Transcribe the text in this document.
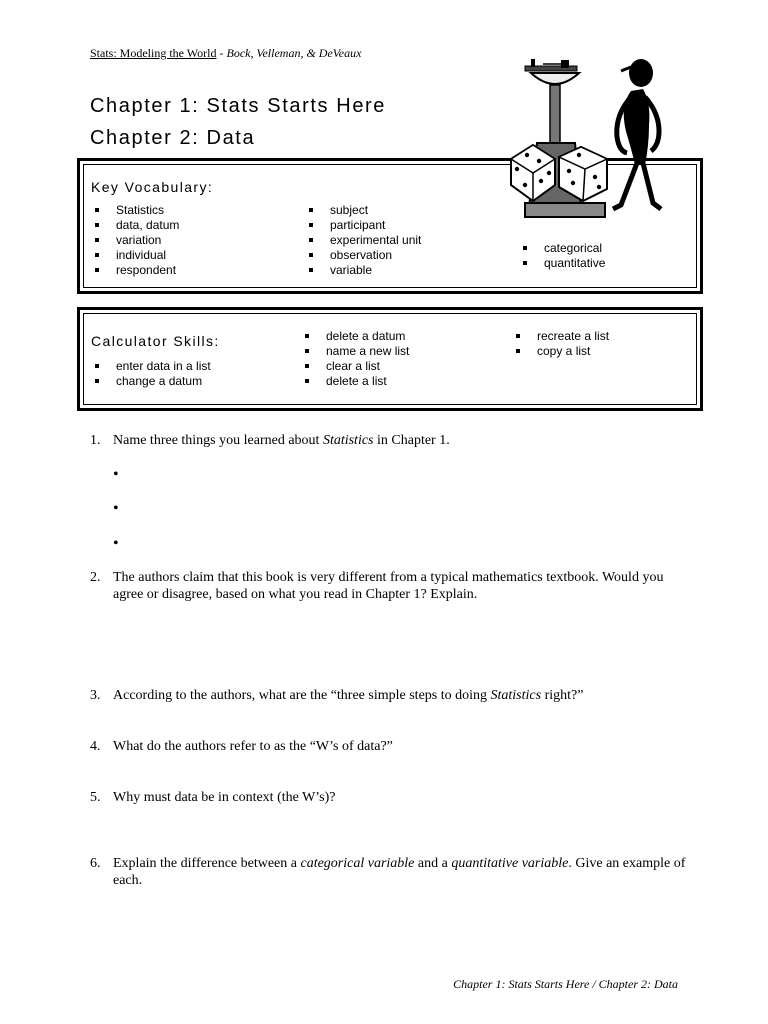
Stats: Modeling the World - Bock, Velleman, & DeVeaux
Chapter 1: Stats Starts Here
Chapter 2: Data
Key Vocabulary:
Statistics
data, datum
variation
individual
respondent
subject
participant
experimental unit
observation
variable
categorical
quantitative
Calculator Skills:
enter data in a list
change a datum
delete a datum
name a new list
clear a list
delete a list
recreate a list
copy a list
1. Name three things you learned about Statistics in Chapter 1.
•
•
•
2. The authors claim that this book is very different from a typical mathematics textbook. Would you agree or disagree, based on what you read in Chapter 1? Explain.
3. According to the authors, what are the “three simple steps to doing Statistics right?”
4. What do the authors refer to as the “W’s of data?”
5. Why must data be in context (the W’s)?
6. Explain the difference between a categorical variable and a quantitative variable. Give an example of each.
Chapter 1: Stats Starts Here / Chapter 2: Data
